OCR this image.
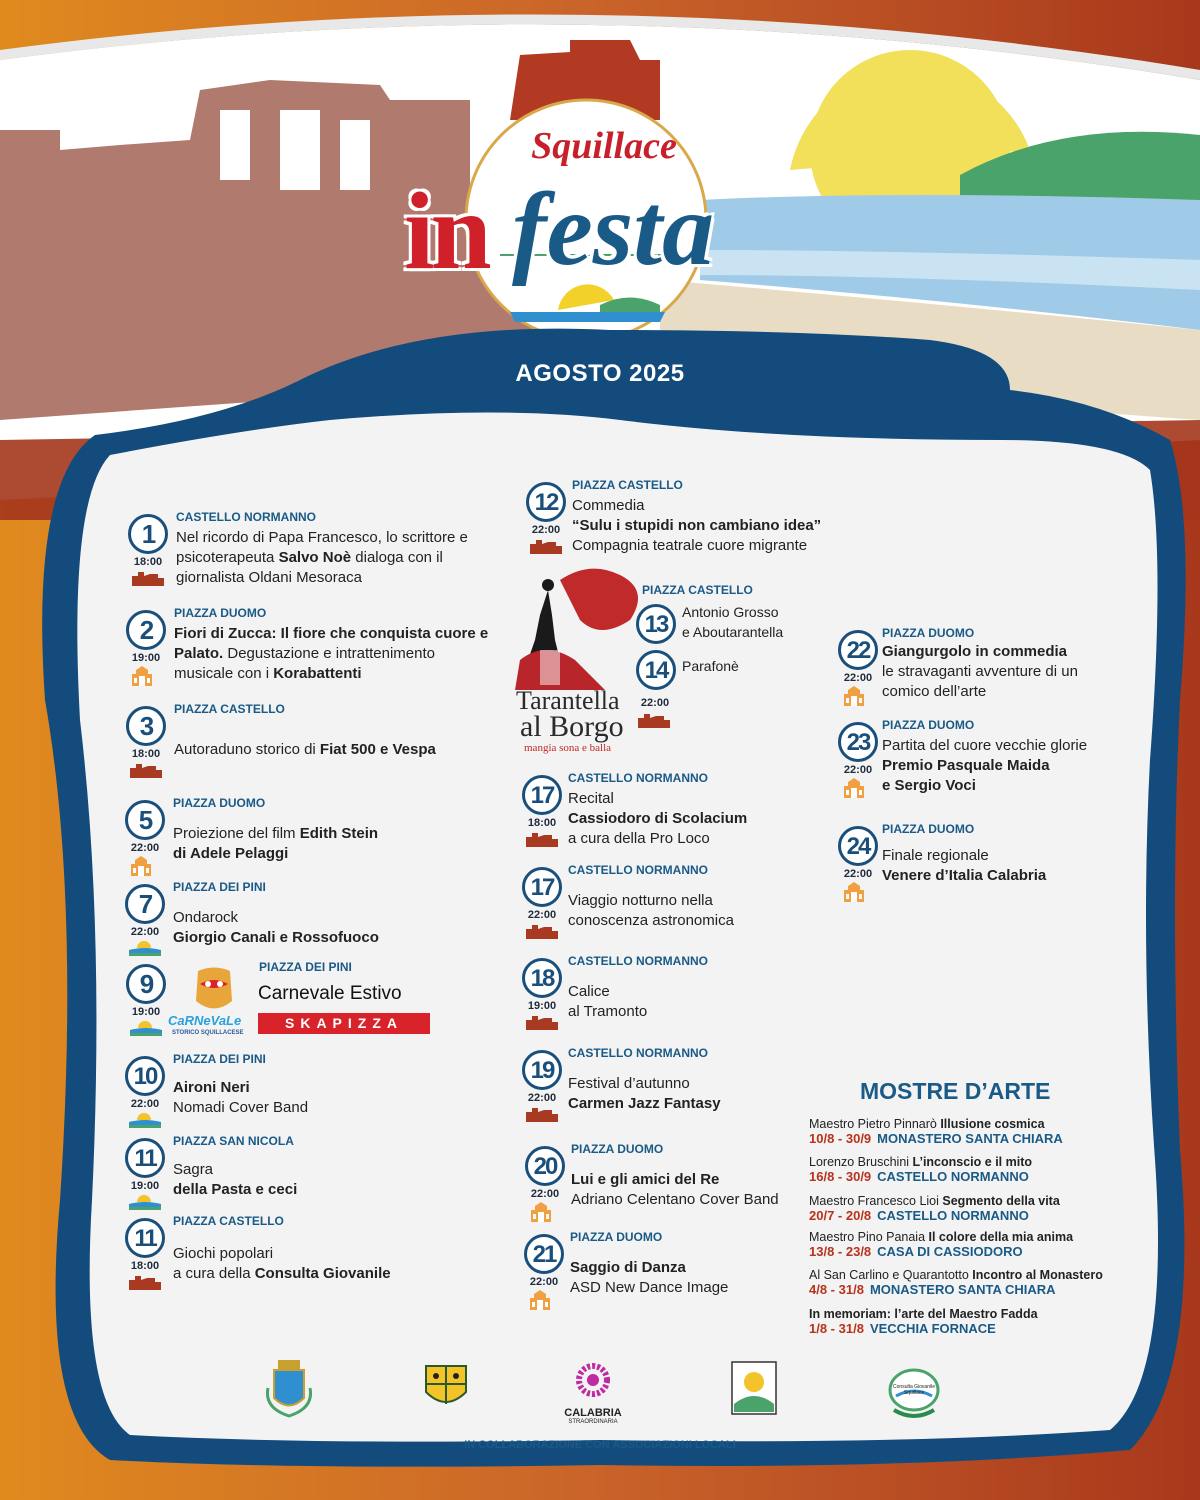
Squillace
in festa
AGOSTO 2025
1
18:00
CASTELLO NORMANNO
Nel ricordo di Papa Francesco, lo scrittore e
psicoterapeuta Salvo Noè dialoga con il
giornalista Oldani Mesoraca
2
19:00
PIAZZA DUOMO
Fiori di Zucca: Il fiore che conquista cuore e
Palato. Degustazione e intrattenimento
musicale con i Korabattenti
3
18:00
PIAZZA CASTELLO
Autoraduno storico di Fiat 500 e Vespa
5
22:00
PIAZZA DUOMO
Proiezione del film Edith Stein
di Adele Pelaggi
7
22:00
PIAZZA DEI PINI
Ondarock
Giorgio Canali e Rossofuoco
9
19:00
PIAZZA DEI PINI
10
22:00
PIAZZA DEI PINI
Aironi Neri
Nomadi Cover Band
11
19:00
PIAZZA SAN NICOLA
Sagra
della Pasta e ceci
11
18:00
PIAZZA CASTELLO
Giochi popolari
a cura della Consulta Giovanile
12
22:00
PIAZZA CASTELLO
Commedia
“Sulu i stupidi non cambiano idea”
Compagnia teatrale cuore migrante
17
18:00
CASTELLO NORMANNO
Recital
Cassiodoro di Scolacium
a cura della Pro Loco
17
22:00
CASTELLO NORMANNO
Viaggio notturno nella
conoscenza astronomica
18
19:00
CASTELLO NORMANNO
Calice
al Tramonto
19
22:00
CASTELLO NORMANNO
Festival d’autunno
Carmen Jazz Fantasy
20
22:00
PIAZZA DUOMO
Lui e gli amici del Re
Adriano Celentano Cover Band
21
22:00
PIAZZA DUOMO
Saggio di Danza
ASD New Dance Image
PIAZZA CASTELLO
13	Antonio Grosso
e Aboutarantella
14	Parafonè
22:00
22
22:00
PIAZZA DUOMO
Giangurgolo in commedia
le stravaganti avventure di un
comico dell’arte
23
22:00
PIAZZA DUOMO
Partita del cuore vecchie glorie
Premio Pasquale Maida
e Sergio Voci
24
22:00
PIAZZA DUOMO
Finale regionale
Venere d’Italia Calabria
CaRNeVaLe
STORICO SQUILLACESE
Carnevale Estivo
SKAPIZZA
Tarantella
al Borgo
mangia sona e balla
MOSTRE D’ARTE
Maestro Pietro Pinnarò Illusione cosmica
10/8 - 30/9 MONASTERO SANTA CHIARA
Lorenzo Bruschini L’inconscio e il mito
16/8 - 30/9 CASTELLO NORMANNO
Maestro Francesco Lioi Segmento della vita
20/7 - 20/8 CASTELLO NORMANNO
Maestro Pino Panaia Il colore della mia anima
13/8 - 23/8 CASA DI CASSIODORO
Al San Carlino e Quarantotto Incontro al Monastero
4/8 - 31/8 MONASTERO SANTA CHIARA
In memoriam: l’arte del Maestro Fadda
1/8 - 31/8 VECCHIA FORNACE
CALABRIA
STRAORDINARIA
Consulta Giovanile Squillace
IN COLLABORAZIONE CON ASSOCIAZIONI LOCALI
